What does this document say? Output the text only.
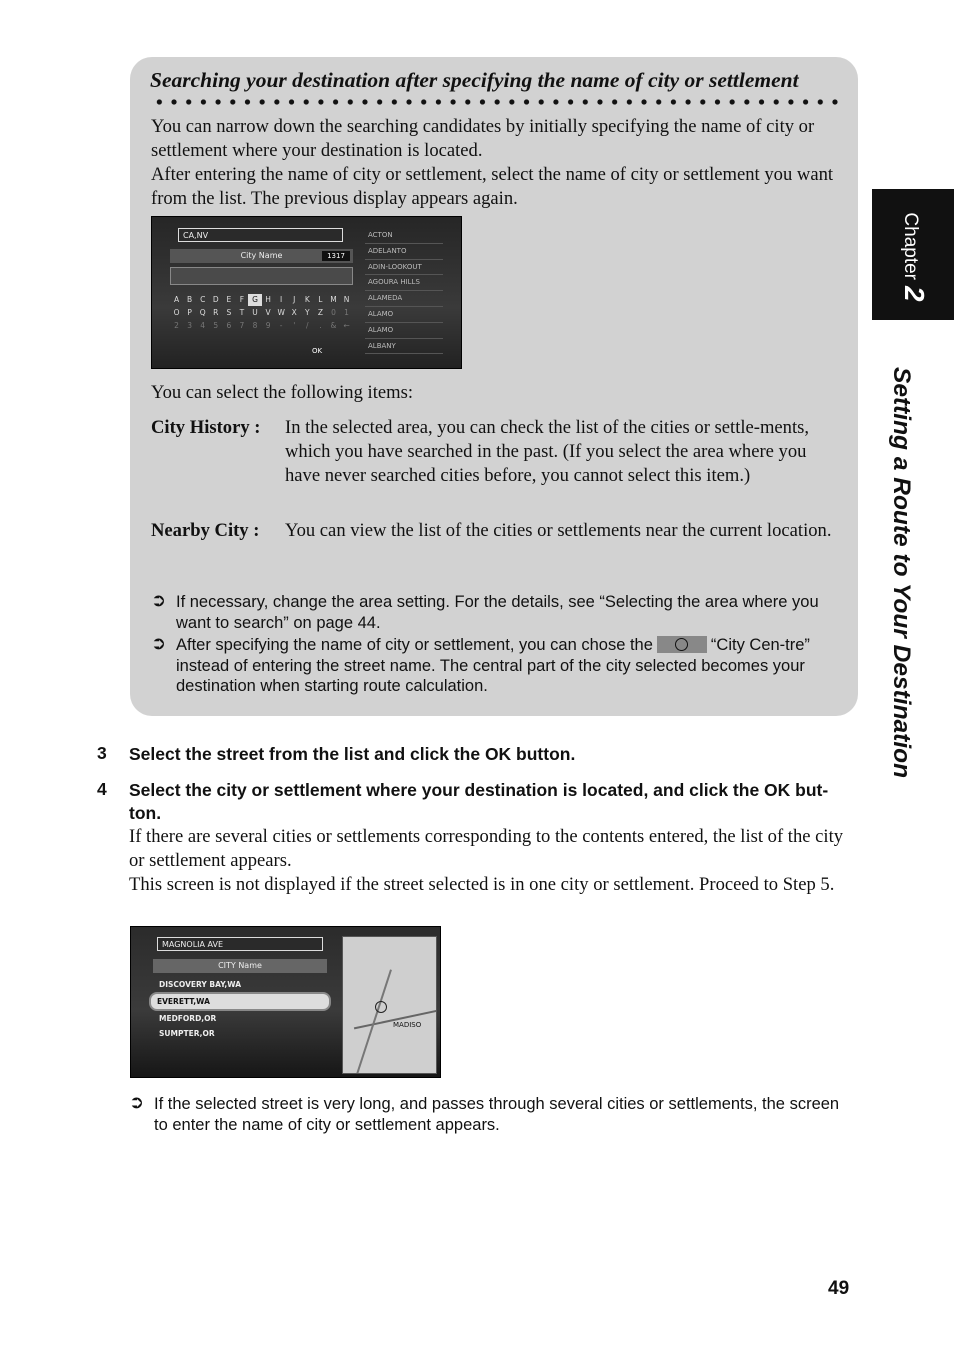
Searching your destination after specifying the name of city or settlement
You can narrow down the searching candidates by initially specifying the name of city or settlement where your destination is located.
After entering the name of city or settlement, select the name of city or settlement you want from the list. The previous display appears again.
CA,NV
City Name	1317
A	B	C	D	E	F	G H	I	J	K	L	M N
O	P	Q	R	S	T	U	V W X	Y	Z	0	1
2	3	4	5	6	7	8	9	-	'	/	.	& ←
OK
ACTON
ADELANTO
ADIN-LOOKOUT
AGOURA HILLS
ALAMEDA
ALAMO
ALAMO
ALBANY
You can select the following items:
City History : In the selected area, you can check the list of the cities or settle-ments, which you have searched in the past. (If you select the area where you have never searched cities before, you cannot select this item.)
Nearby City : You can view the list of the cities or settlements near the current location.
➲ If necessary, change the area setting. For the details, see “Selecting the area where you want to search” on page 44.
➲ After specifying the name of city or settlement, you can chose the	“City Cen-tre” instead of entering the street name. The central part of the city selected becomes your destination when starting route calculation.
3 Select the street from the list and click the OK button.
4 Select the city or settlement where your destination is located, and click the OK but-ton.
If there are several cities or settlements corresponding to the contents entered, the list of the city or settlement appears.
This screen is not displayed if the street selected is in one city or settlement. Proceed to Step 5.
MAGNOLIA AVE
CITY Name
DISCOVERY BAY,WA
EVERETT,WA
MEDFORD,OR
SUMPTER,OR
MADISO
➲ If the selected street is very long, and passes through several cities or settlements, the screen to enter the name of city or settlement appears.
Chapter2
Setting a Route to Your Destination
49
